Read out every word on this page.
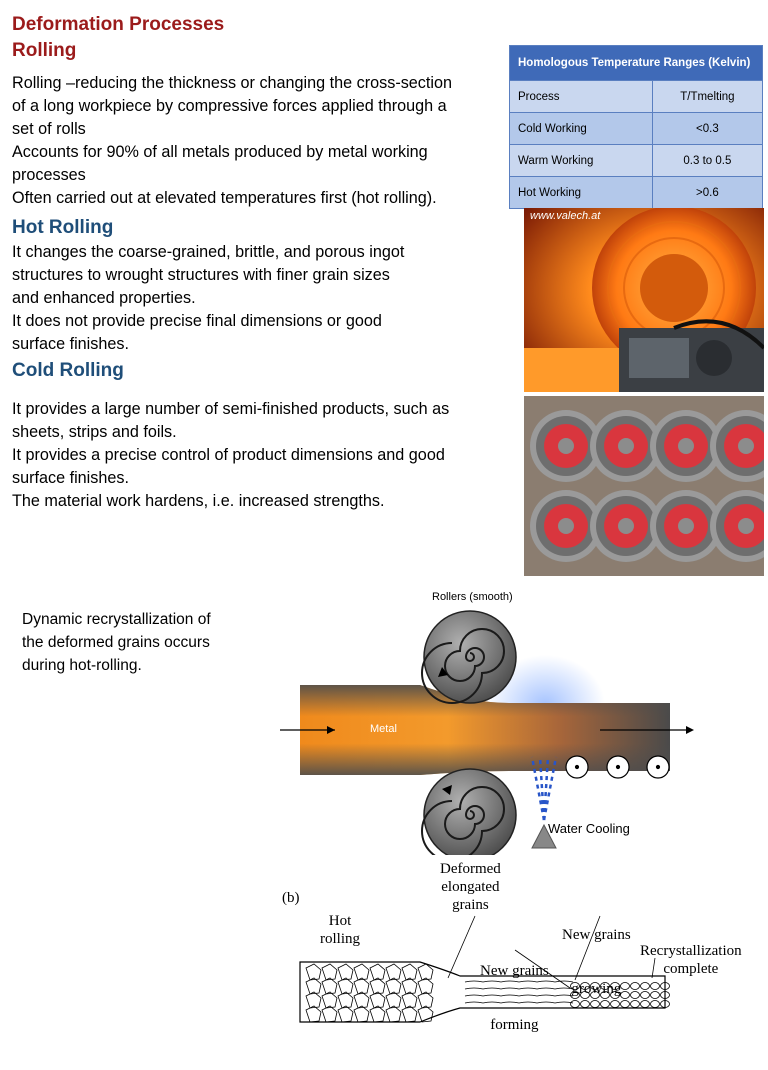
Deformation Processes
Rolling
Rolling –reducing the thickness or changing the cross-section
of a long workpiece by compressive forces applied through a
set of rolls
Accounts for 90% of all metals produced by metal working
processes
Often carried out at elevated temperatures first (hot rolling).
Hot Rolling
It changes the coarse-grained, brittle, and porous ingot
structures to wrought structures with finer grain sizes
and enhanced properties.
It does not provide precise final dimensions or good
surface finishes.
Cold Rolling
It provides a large number of semi-finished products, such as
sheets, strips and foils.
It provides a precise control of product dimensions and good
surface finishes.
The material work hardens, i.e. increased strengths.
Homologous Temperature Ranges (Kelvin)	
Process	T/Tmelting
Cold Working	<0.3
Warm Working	0.3 to 0.5
Hot Working	>0.6
www.valech.at
Dynamic recrystallization of
the deformed grains occurs
during hot-rolling.
Rollers (smooth)
Metal
Water Cooling
(b)
Hot
rolling
Deformed
elongated
grains

New grains

forming

New grains

growing

Recrystallization
complete
